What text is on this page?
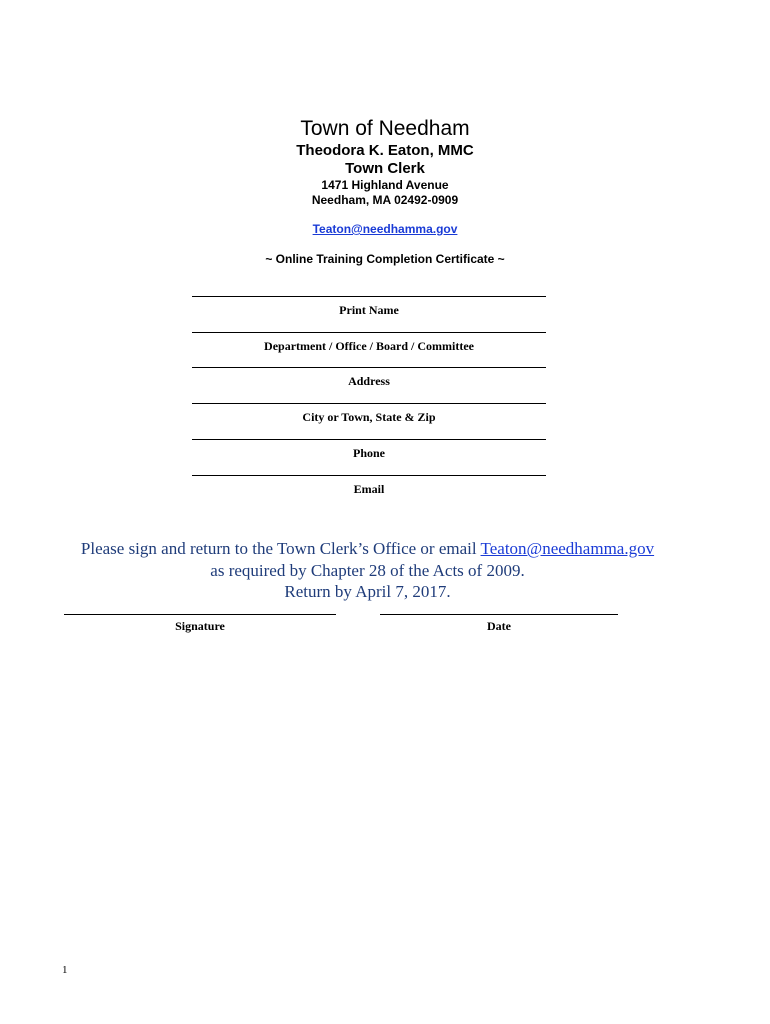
Town of Needham
Theodora K. Eaton, MMC
Town Clerk
1471 Highland Avenue
Needham, MA 02492-0909
Teaton@needhamma.gov
~ Online Training Completion Certificate ~
Print Name
Department / Office / Board / Committee
Address
City or Town, State & Zip
Phone
Email
Please sign and return to the Town Clerk’s Office or email Teaton@needhamma.gov
as required by Chapter 28 of the Acts of 2009.
Return by April 7, 2017.
Signature	Date
1
